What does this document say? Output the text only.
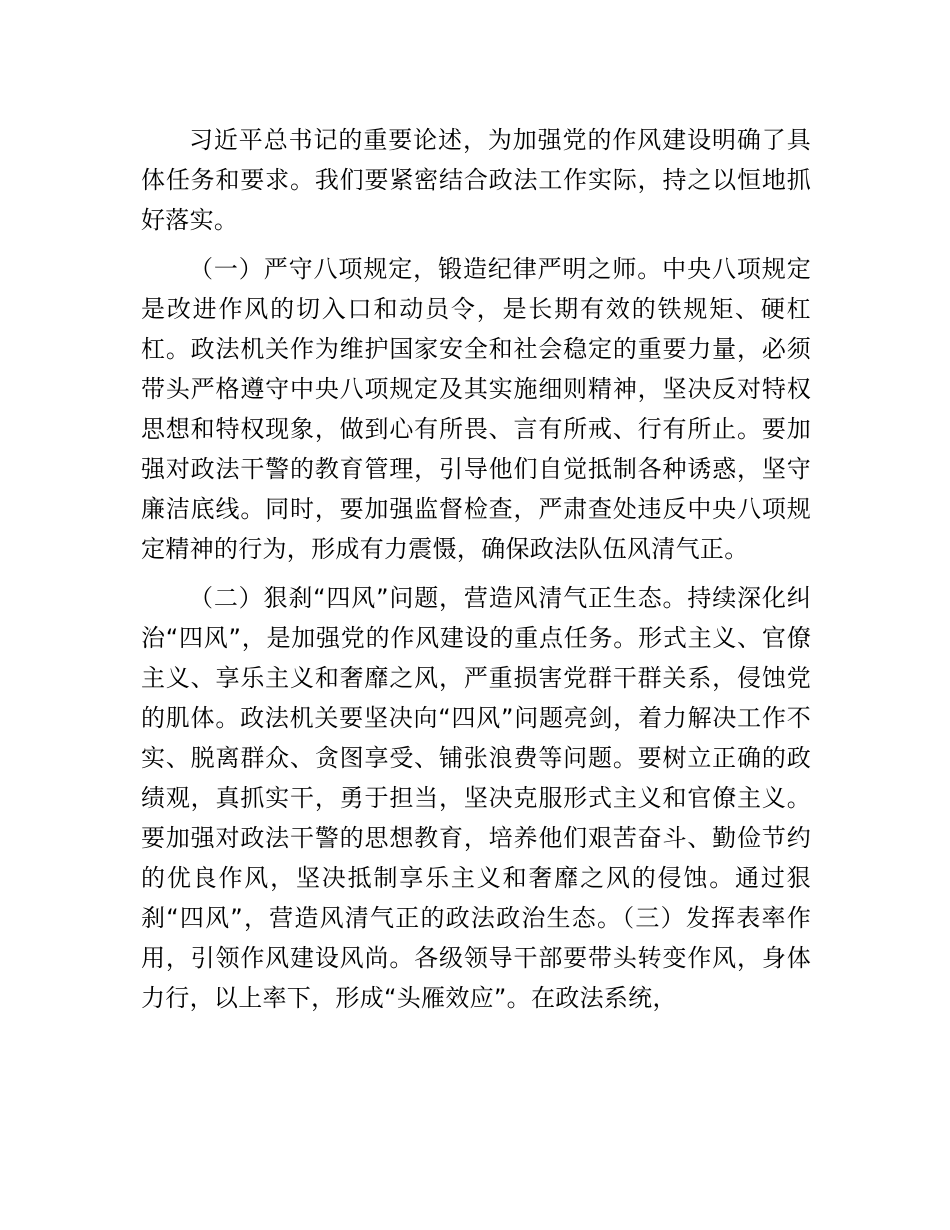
习近平总书记的重要论述，为加强党的作风建设明确了具体任务和要求。我们要紧密结合政法工作实际，持之以恒地抓好落实。

（一）严守八项规定，锻造纪律严明之师。中央八项规定是改进作风的切入口和动员令，是长期有效的铁规矩、硬杠杠。政法机关作为维护国家安全和社会稳定的重要力量，必须带头严格遵守中央八项规定及其实施细则精神，坚决反对特权思想和特权现象，做到心有所畏、言有所戒、行有所止。要加强对政法干警的教育管理，引导他们自觉抵制各种诱惑，坚守廉洁底线。同时，要加强监督检查，严肃查处违反中央八项规定精神的行为，形成有力震慑，确保政法队伍风清气正。

（二）狠刹“四风”问题，营造风清气正生态。持续深化纠治“四风”，是加强党的作风建设的重点任务。形式主义、官僚主义、享乐主义和奢靡之风，严重损害党群干群关系，侵蚀党的肌体。政法机关要坚决向“四风”问题亮剑，着力解决工作不实、脱离群众、贪图享受、铺张浪费等问题。要树立正确的政绩观，真抓实干，勇于担当，坚决克服形式主义和官僚主义。要加强对政法干警的思想教育，培养他们艰苦奋斗、勤俭节约的优良作风，坚决抵制享乐主义和奢靡之风的侵蚀。通过狠刹“四风”，营造风清气正的政法政治生态。（三）发挥表率作用，引领作风建设风尚。各级领导干部要带头转变作风，身体力行，以上率下，形成“头雁效应”。在政法系统，
